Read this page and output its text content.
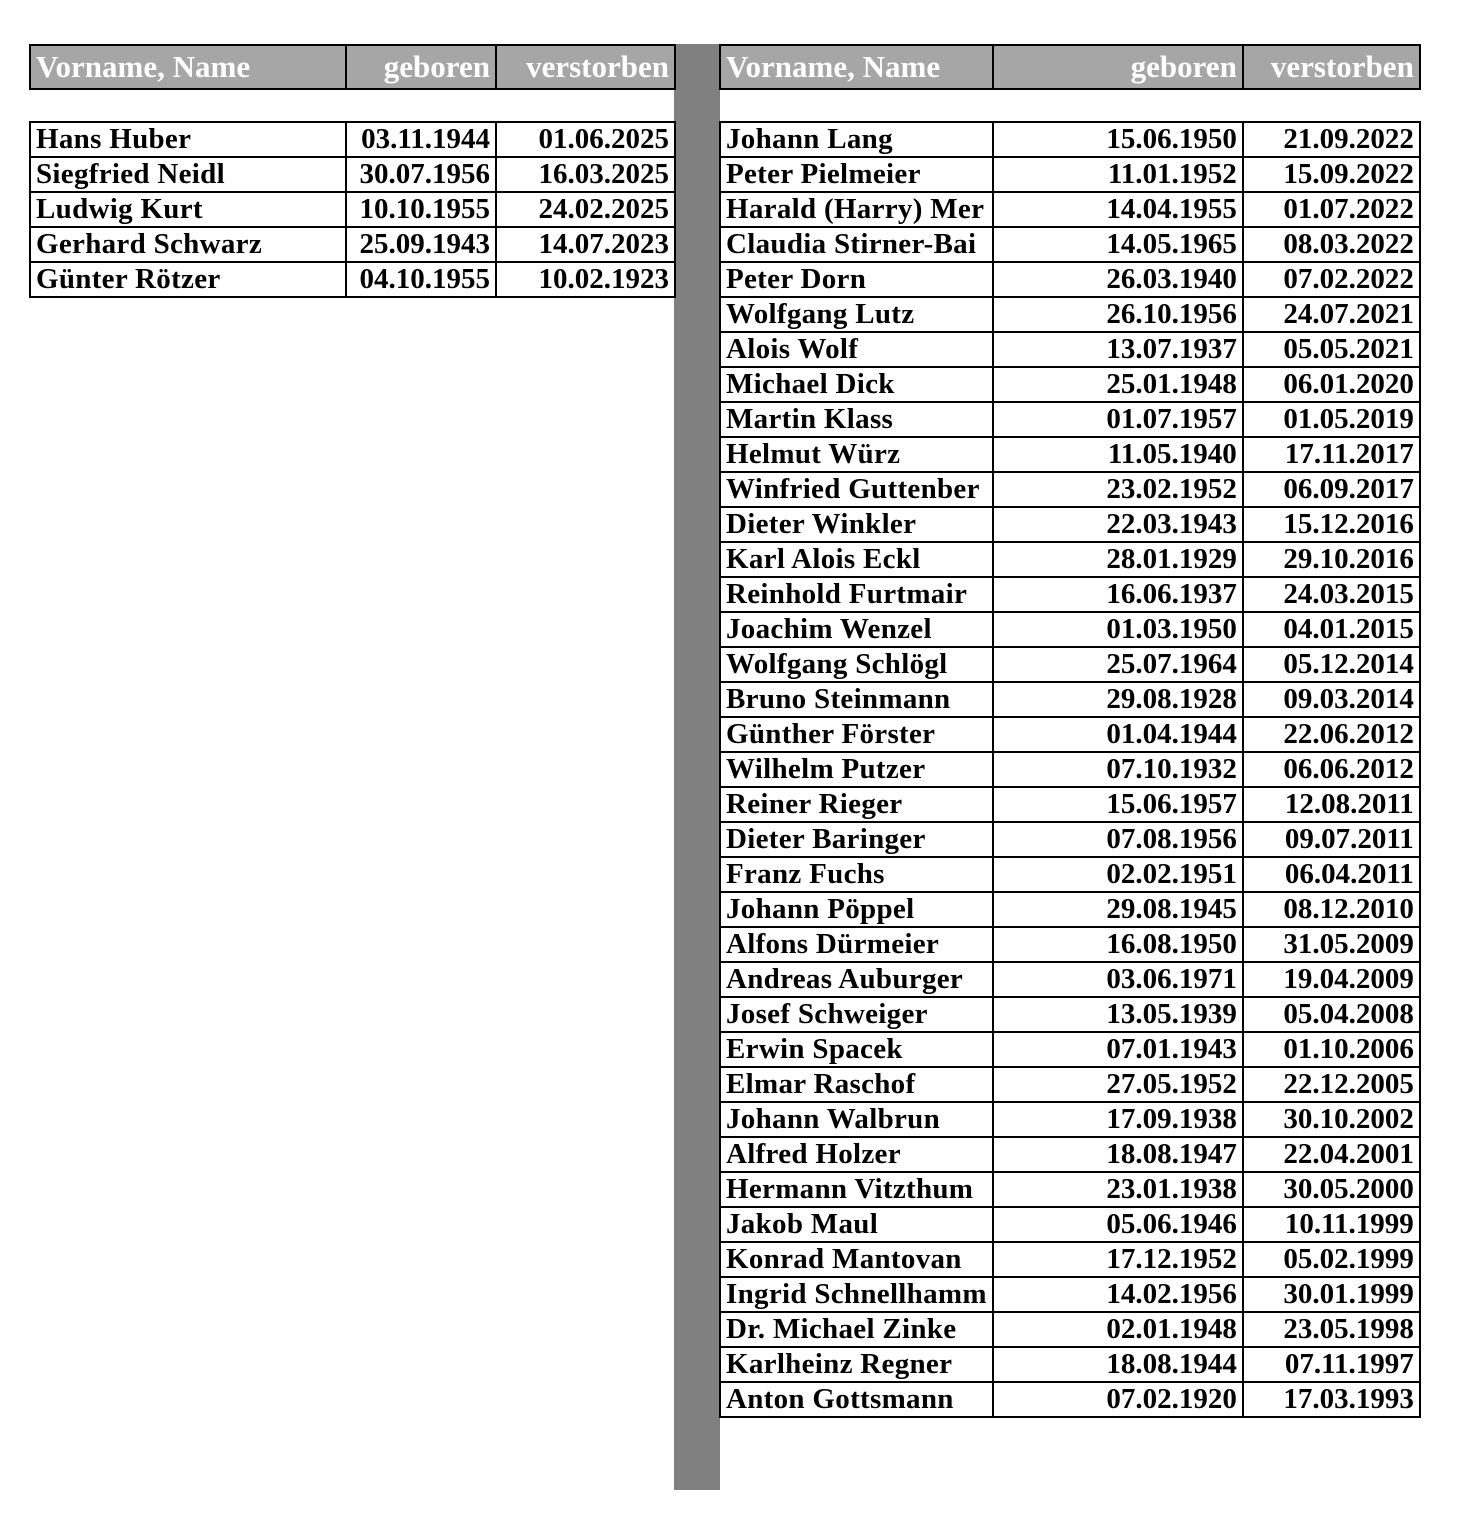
Vorname, Name	geboren	verstorben

Hans Huber	03.11.1944	01.06.2025
Siegfried Neidl	30.07.1956	16.03.2025
Ludwig Kurt	10.10.1955	24.02.2025
Gerhard Schwarz	25.09.1943	14.07.2023
Günter Rötzer	04.10.1955	10.02.1923
Vorname, Name	geboren	verstorben

Johann Lang	15.06.1950	21.09.2022
Peter Pielmeier	11.01.1952	15.09.2022
Harald (Harry) Mer	14.04.1955	01.07.2022
Claudia Stirner-Bai	14.05.1965	08.03.2022
Peter Dorn	26.03.1940	07.02.2022
Wolfgang Lutz	26.10.1956	24.07.2021
Alois Wolf	13.07.1937	05.05.2021
Michael Dick	25.01.1948	06.01.2020
Martin Klass	01.07.1957	01.05.2019
Helmut Würz	11.05.1940	17.11.2017
Winfried Guttenber	23.02.1952	06.09.2017
Dieter Winkler	22.03.1943	15.12.2016
Karl Alois Eckl	28.01.1929	29.10.2016
Reinhold Furtmair	16.06.1937	24.03.2015
Joachim Wenzel	01.03.1950	04.01.2015
Wolfgang Schlögl	25.07.1964	05.12.2014
Bruno Steinmann	29.08.1928	09.03.2014
Günther Förster	01.04.1944	22.06.2012
Wilhelm Putzer	07.10.1932	06.06.2012
Reiner Rieger	15.06.1957	12.08.2011
Dieter Baringer	07.08.1956	09.07.2011
Franz Fuchs	02.02.1951	06.04.2011
Johann Pöppel	29.08.1945	08.12.2010
Alfons Dürmeier	16.08.1950	31.05.2009
Andreas Auburger	03.06.1971	19.04.2009
Josef Schweiger	13.05.1939	05.04.2008
Erwin Spacek	07.01.1943	01.10.2006
Elmar Raschof	27.05.1952	22.12.2005
Johann Walbrun	17.09.1938	30.10.2002
Alfred Holzer	18.08.1947	22.04.2001
Hermann Vitzthum	23.01.1938	30.05.2000
Jakob Maul	05.06.1946	10.11.1999
Konrad Mantovan	17.12.1952	05.02.1999
Ingrid Schnellhamm	14.02.1956	30.01.1999
Dr. Michael Zinke	02.01.1948	23.05.1998
Karlheinz Regner	18.08.1944	07.11.1997
Anton Gottsmann	07.02.1920	17.03.1993
